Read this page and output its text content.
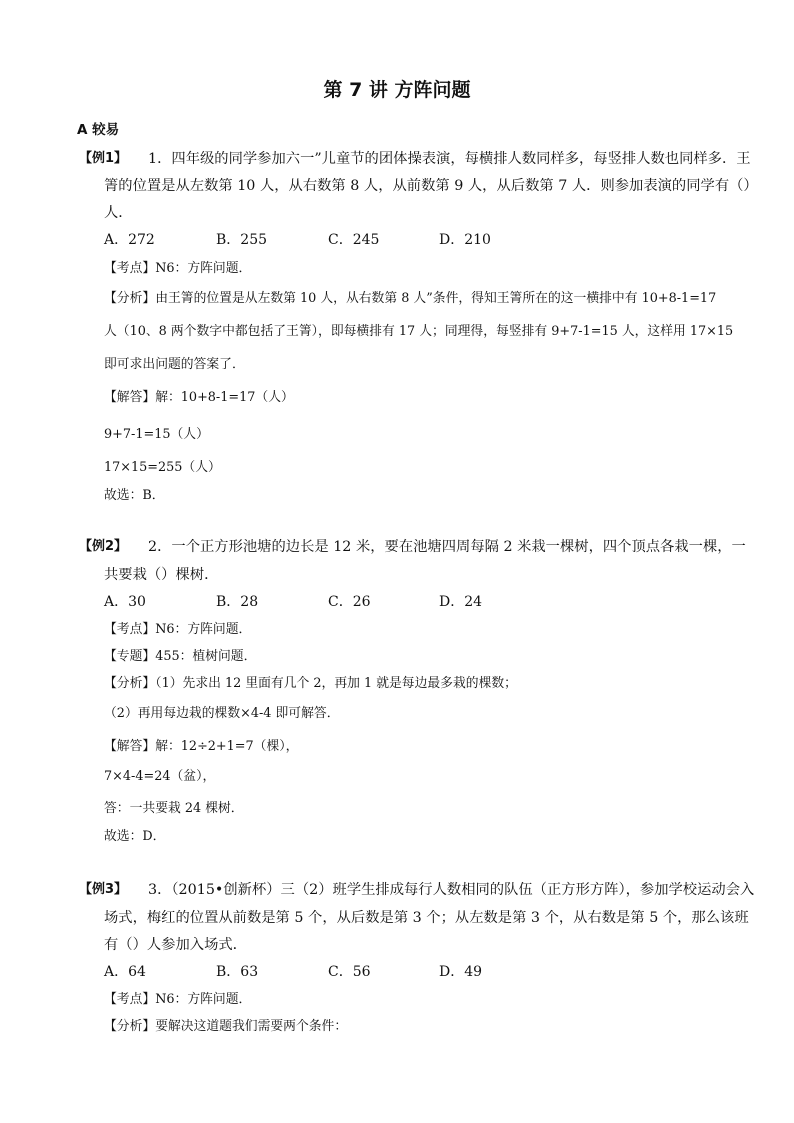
第 7 讲 方阵问题
A 较易
【例1】 1．四年级的同学参加六一”儿童节的团体操表演，每横排人数同样多，每竖排人数也同样多．王
箐的位置是从左数第 10 人，从右数第 8 人，从前数第 9 人，从后数第 7 人．则参加表演的同学有（）
人．
A．272	B．255	C．245	D．210
【考点】N6：方阵问题．
【分析】由王箐的位置是从左数第 10 人，从右数第 8 人”条件，得知王箐所在的这一横排中有 10+8-1=17
人（10、8 两个数字中都包括了王箐），即每横排有 17 人；同理得，每竖排有 9+7-1=15 人，这样用 17×15
即可求出问题的答案了．
【解答】解：10+8-1=17（人）
9+7-1=15（人）
17×15=255（人）
故选：B．
【例2】 2．一个正方形池塘的边长是 12 米，要在池塘四周每隔 2 米栽一棵树，四个顶点各栽一棵，一
共要栽（）棵树．
A．30	B．28	C．26	D．24
【考点】N6：方阵问题．
【专题】455：植树问题．
【分析】（1）先求出 12 里面有几个 2，再加 1 就是每边最多栽的棵数；
（2）再用每边栽的棵数×4-4 即可解答．
【解答】解：12÷2+1=7（棵），
7×4-4=24（盆），
答：一共要栽 24 棵树．
故选：D．
【例3】 3．（2015•创新杯）三（2）班学生排成每行人数相同的队伍（正方形方阵），参加学校运动会入
场式，梅红的位置从前数是第 5 个，从后数是第 3 个；从左数是第 3 个，从右数是第 5 个，那么该班
有（）人参加入场式．
A．64	B．63	C．56	D．49
【考点】N6：方阵问题．
【分析】要解决这道题我们需要两个条件：
